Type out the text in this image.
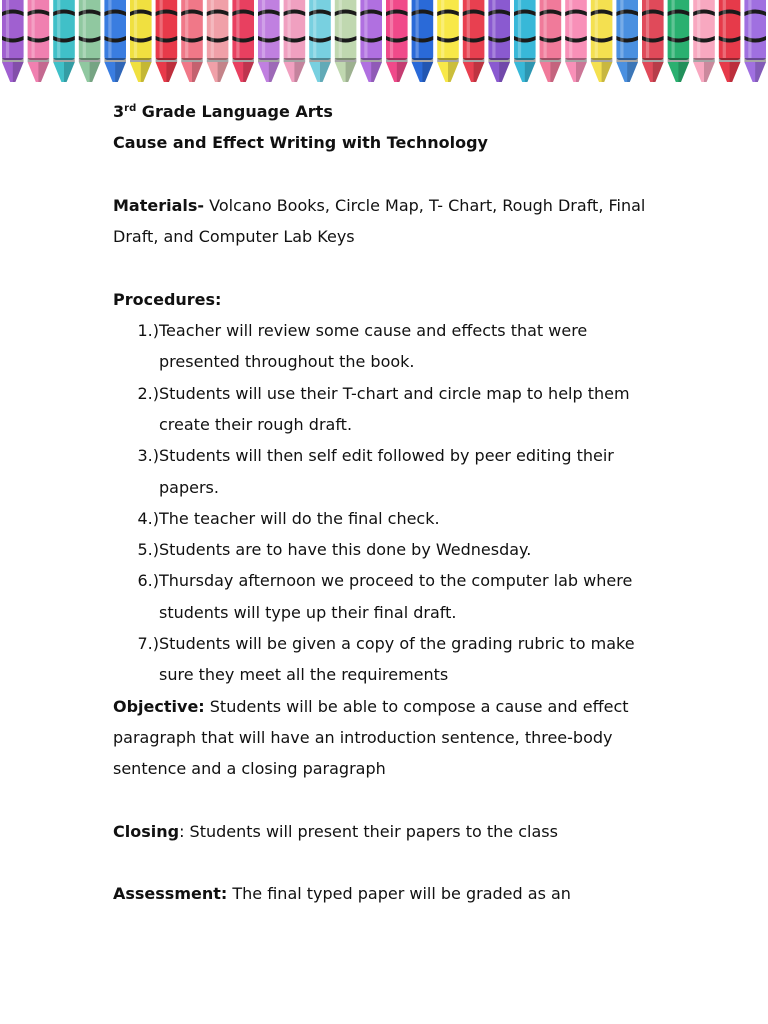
3rd Grade Language Arts

Cause and Effect Writing with Technology

Materials- Volcano Books, Circle Map, T- Chart, Rough Draft, Final Draft, and Computer Lab Keys

Procedures:

1.) Teacher will review some cause and effects that were presented throughout the book.
2.) Students will use their T-chart and circle map to help them create their rough draft.
3.) Students will then self edit followed by peer editing their papers.
4.) The teacher will do the final check.
5.) Students are to have this done by Wednesday.
6.) Thursday afternoon we proceed to the computer lab where students will type up their final draft.
7.) Students will be given a copy of the grading rubric to make sure they meet all the requirements

Objective: Students will be able to compose a cause and effect paragraph that will have an introduction sentence, three-body sentence and a closing paragraph

Closing: Students will present their papers to the class

Assessment: The final typed paper will be graded as an
